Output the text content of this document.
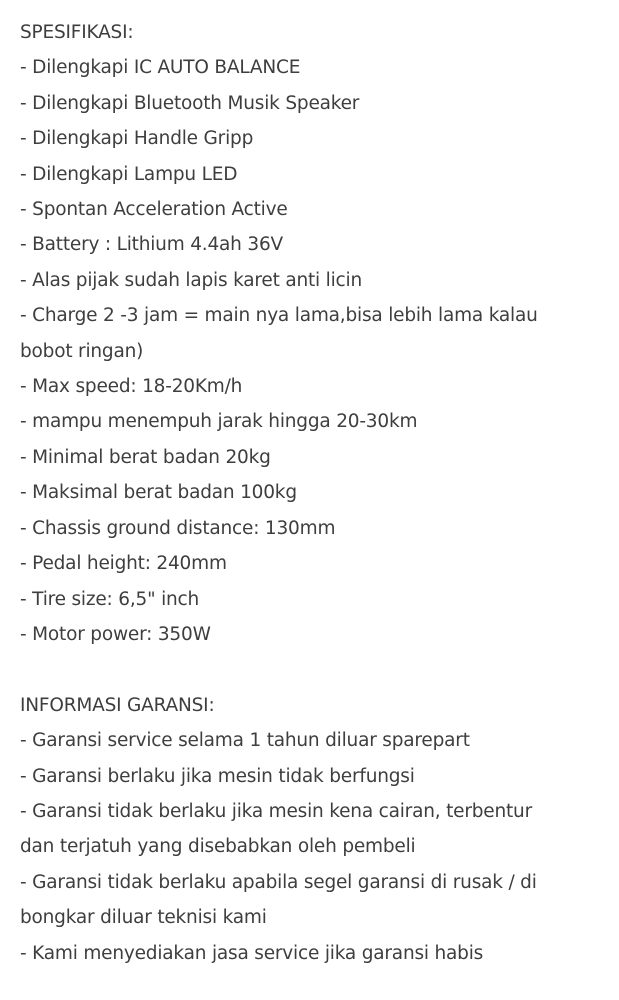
SPESIFIKASI:
- Dilengkapi IC AUTO BALANCE
- Dilengkapi Bluetooth Musik Speaker
- Dilengkapi Handle Gripp
- Dilengkapi Lampu LED
- Spontan Acceleration Active
- Battery : Lithium 4.4ah 36V
- Alas pijak sudah lapis karet anti licin
- Charge 2 -3 jam = main nya lama,bisa lebih lama kalau
bobot ringan)
- Max speed: 18-20Km/h
- mampu menempuh jarak hingga 20-30km
- Minimal berat badan 20kg
- Maksimal berat badan 100kg
- Chassis ground distance: 130mm
- Pedal height: 240mm
- Tire size: 6,5" inch
- Motor power: 350W
INFORMASI GARANSI:
- Garansi service selama 1 tahun diluar sparepart
- Garansi berlaku jika mesin tidak berfungsi
- Garansi tidak berlaku jika mesin kena cairan, terbentur
dan terjatuh yang disebabkan oleh pembeli
- Garansi tidak berlaku apabila segel garansi di rusak / di
bongkar diluar teknisi kami
- Kami menyediakan jasa service jika garansi habis
